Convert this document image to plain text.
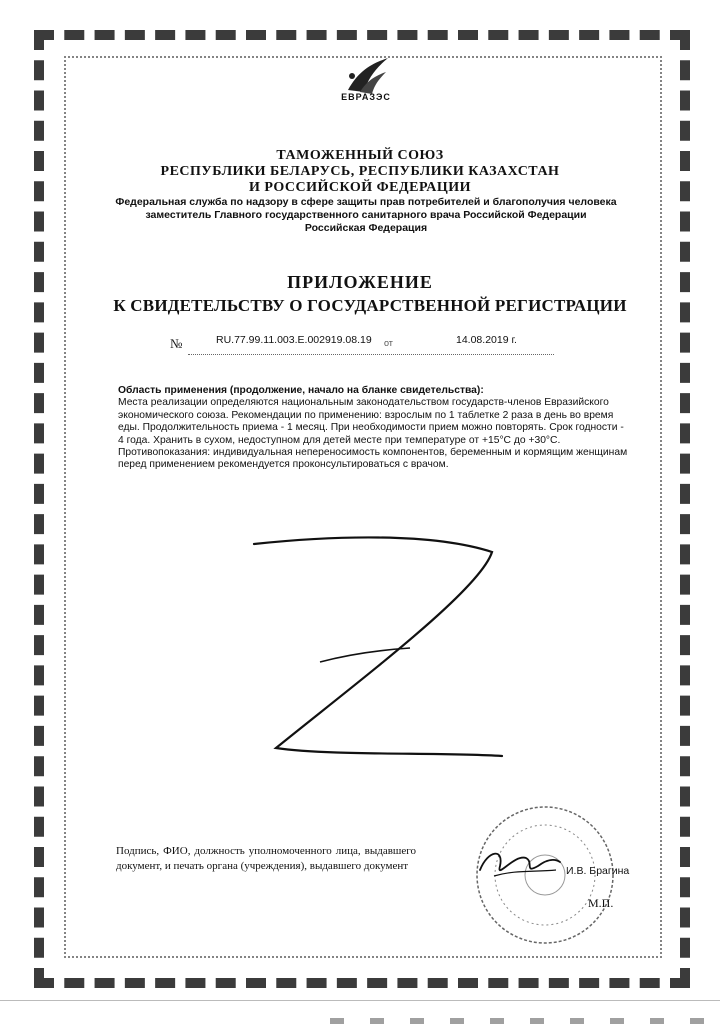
ЕВРАЗЭС
ТАМОЖЕННЫЙ СОЮЗ
РЕСПУБЛИКИ БЕЛАРУСЬ, РЕСПУБЛИКИ КАЗАХСТАН
И РОССИЙСКОЙ ФЕДЕРАЦИИ
Федеральная служба по надзору в сфере защиты прав потребителей и благополучия человека
заместитель Главного государственного санитарного врача Российской Федерации
Российская Федерация
ПРИЛОЖЕНИЕ
К СВИДЕТЕЛЬСТВУ О ГОСУДАРСТВЕННОЙ РЕГИСТРАЦИИ
№	RU.77.99.11.003.E.002919.08.19 от	14.08.2019 г.

Область применения (продолжение, начало на бланке свидетельства):

Места реализации определяются национальным законодательством государств-членов Евразийского экономического союза. Рекомендации по применению: взрослым по 1 таблетке 2 раза в день во время еды. Продолжительность приема - 1 месяц. При необходимости прием можно повторять. Срок годности - 4 года. Хранить в сухом, недоступном для детей месте при температуре от +15°С до +30°С. Противопоказания: индивидуальная непереносимость компонентов, беременным и кормящим женщинам перед применением рекомендуется проконсультироваться с врачом.

Подпись, ФИО, должность уполномоченного лица, выдавшего документ, и печать органа (учреждения), выдавшего документ	И.В. Брагина
М.П.
